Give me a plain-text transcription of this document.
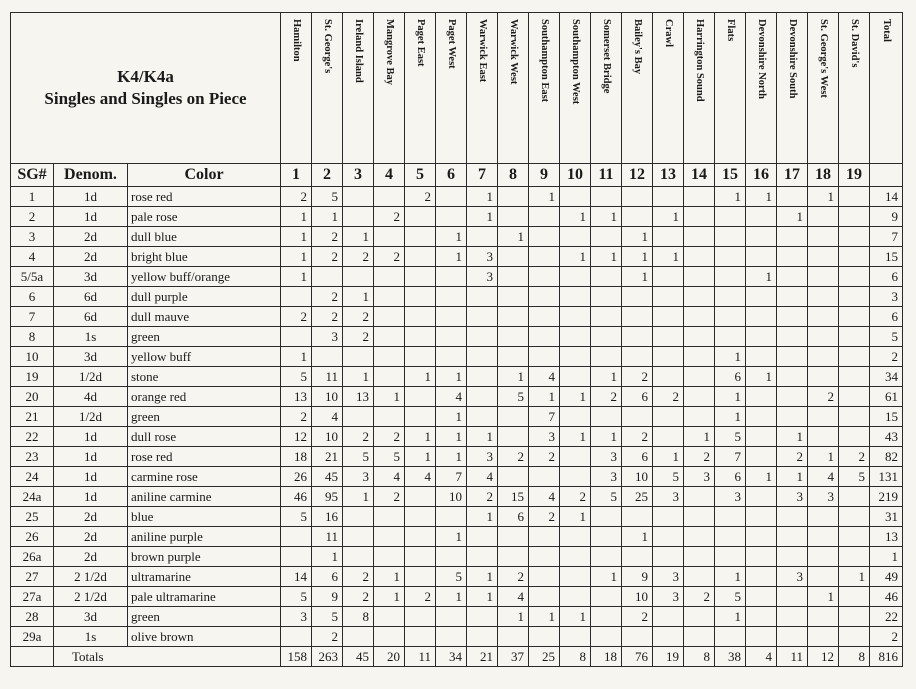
K4/K4a
Singles and Singles on Piece			Hamilton	St. George's	Ireland Island	Mangrove Bay	Paget East	Paget West	Warwick East	Warwick West	Southampton East	Southampton West	Somerset Bridge	Bailey's Bay	Crawl	Harrington Sound	Flats	Devonshire North	Devonshire South	St. George's West	St. David's	Total

SG#	Denom.	Color	1	2	3	4	5	6	7	8	9	10	11	12	13	14	15	16	17	18	19	
1	1d	rose red	2	5			2		1		1						1	1		1		14
2	1d	pale rose	1	1		2			1			1	1		1				1			9
3	2d	dull blue	1	2	1			1		1				1								7
4	2d	bright blue	1	2	2	2		1	3			1	1	1	1							15
5/5a	3d	yellow buff/orange	1						3					1				1				6
6	6d	dull purple		2	1																	3
7	6d	dull mauve	2	2	2																	6
8	1s	green		3	2																	5
10	3d	yellow buff	1														1					2
19	1/2d	stone	5	11	1		1	1		1	4		1	2			6	1				34
20	4d	orange red	13	10	13	1		4		5	1	1	2	6	2		1			2		61
21	1/2d	green	2	4				1			7						1					15
22	1d	dull rose	12	10	2	2	1	1	1		3	1	1	2		1	5		1			43
23	1d	rose red	18	21	5	5	1	1	3	2	2		3	6	1	2	7		2	1	2	82
24	1d	carmine rose	26	45	3	4	4	7	4				3	10	5	3	6	1	1	4	5	131
24a	1d	aniline carmine	46	95	1	2		10	2	15	4	2	5	25	3		3		3	3		219
25	2d	blue	5	16					1	6	2	1										31
26	2d	aniline purple		11				1						1								13
26a	2d	brown purple		1																		1
27	2 1/2d	ultramarine	14	6	2	1		5	1	2			1	9	3		1		3		1	49
27a	2 1/2d	pale ultramarine	5	9	2	1	2	1	1	4				10	3	2	5			1		46
28	3d	green	3	5	8					1	1	1		2			1					22
29a	1s	olive brown		2																		2
	Totals		158	263	45	20	11	34	21	37	25	8	18	76	19	8	38	4	11	12	8	816
